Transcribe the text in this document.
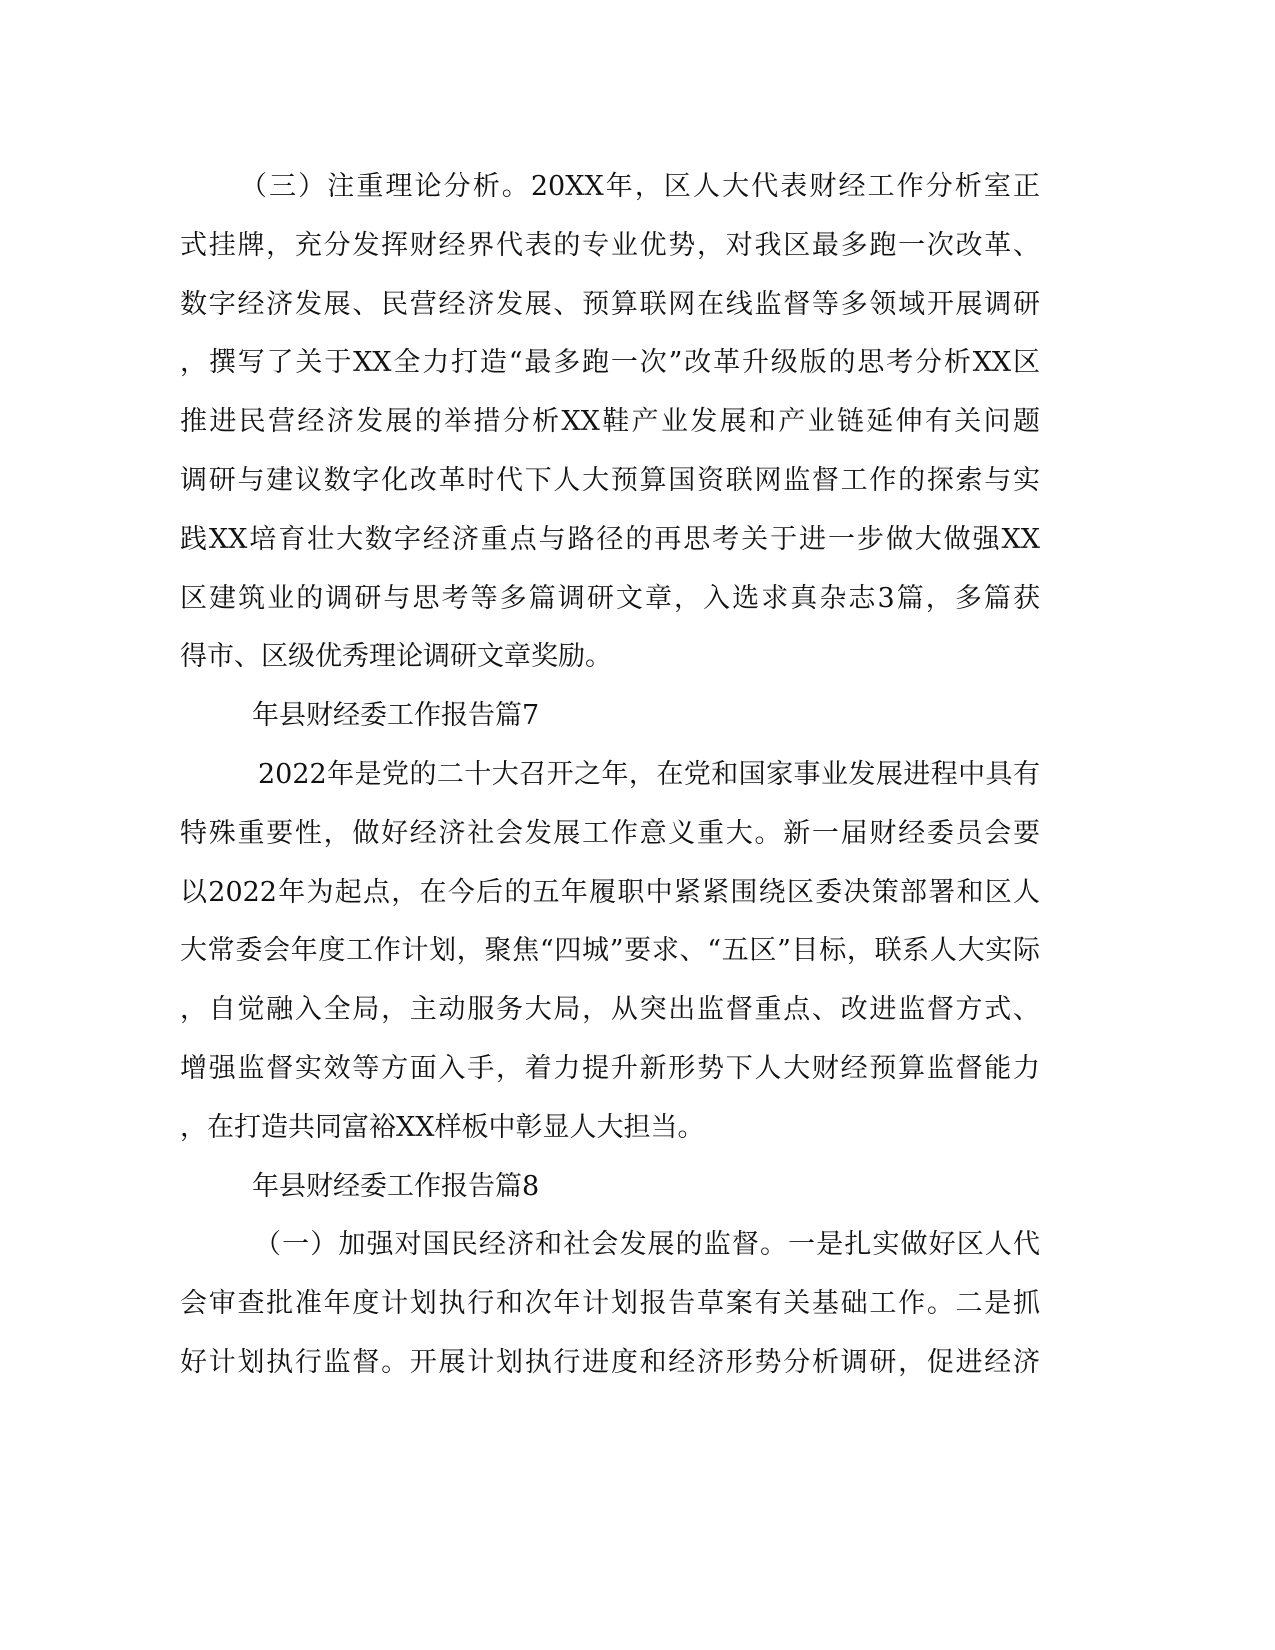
（三）注重理论分析。20XX年，区人大代表财经工作分析室正
式挂牌，充分发挥财经界代表的专业优势，对我区最多跑一次改革、
数字经济发展、民营经济发展、预算联网在线监督等多领域开展调研
，撰写了关于XX全力打造“最多跑一次”改革升级版的思考分析XX区
推进民营经济发展的举措分析XX鞋产业发展和产业链延伸有关问题
调研与建议数字化改革时代下人大预算国资联网监督工作的探索与实
践XX培育壮大数字经济重点与路径的再思考关于进一步做大做强XX
区建筑业的调研与思考等多篇调研文章，入选求真杂志3篇，多篇获
得市、区级优秀理论调研文章奖励。
年县财经委工作报告篇7
2022年是党的二十大召开之年，在党和国家事业发展进程中具有
特殊重要性，做好经济社会发展工作意义重大。新一届财经委员会要
以2022年为起点，在今后的五年履职中紧紧围绕区委决策部署和区人
大常委会年度工作计划，聚焦“四城”要求、“五区”目标，联系人大实际
，自觉融入全局，主动服务大局，从突出监督重点、改进监督方式、
增强监督实效等方面入手，着力提升新形势下人大财经预算监督能力
，在打造共同富裕XX样板中彰显人大担当。
年县财经委工作报告篇8
（一）加强对国民经济和社会发展的监督。一是扎实做好区人代
会审查批准年度计划执行和次年计划报告草案有关基础工作。二是抓
好计划执行监督。开展计划执行进度和经济形势分析调研，促进经济
